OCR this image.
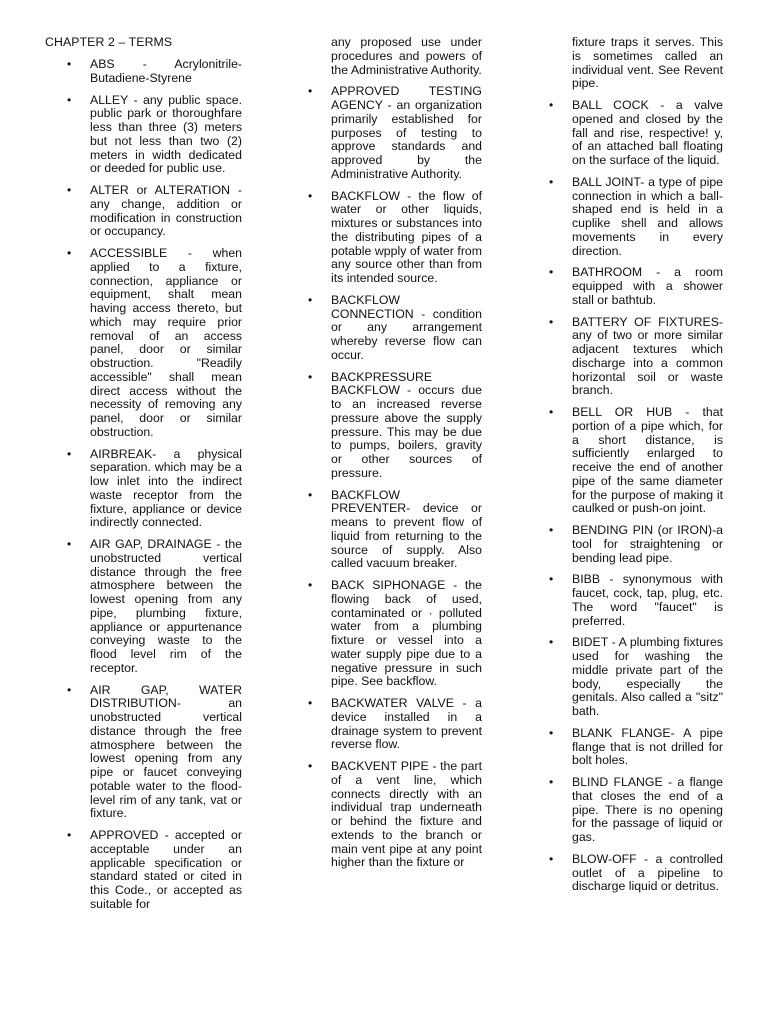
CHAPTER 2 – TERMS
• ABS - Acrylonitrile-Butadiene-Styrene
• ALLEY - any public space. public park or thoroughfare less than three (3) meters but not less than two (2) meters in width dedicated or deeded for public use.
• ALTER or ALTERATION - any change, addition or modification in construction or occupancy.
• ACCESSIBLE - when applied to a fixture, connection, appliance or equipment, shalt mean having access thereto, but which may require prior removal of an access panel, door or similar obstruction. "Readily accessible" shall mean direct access without the necessity of removing any panel, door or similar obstruction.
• AIRBREAK- a physical separation. which may be a low inlet into the indirect waste receptor from the fixture, appliance or device indirectly connected.
• AIR GAP, DRAINAGE - the unobstructed vertical distance through the free atmosphere between the lowest opening from any pipe, plumbing fixture, appliance or appurtenance conveying waste to the flood level rim of the receptor.
• AIR GAP, WATER DISTRIBUTION- an unobstructed vertical distance through the free atmosphere between the lowest opening from any pipe or faucet conveying potable water to the flood-level rim of any tank, vat or fixture.
• APPROVED - accepted or acceptable under an applicable specification or standard stated or cited in this Code., or accepted as suitable for
any proposed use under procedures and powers of the Administrative Authority.
• APPROVED TESTING AGENCY - an organization primarily established for purposes of testing to approve standards and approved by the Administrative Authority.
• BACKFLOW - the flow of water or other liquids, mixtures or substances into the distributing pipes of a potable wpply of water from any source other than from its intended source.
• BACKFLOW CONNECTION - condition or any arrangement whereby reverse flow can occur.
• BACKPRESSURE BACKFLOW - occurs due to an increased reverse pressure above the supply pressure. This may be due to pumps, boilers, gravity or other sources of pressure.
• BACKFLOW PREVENTER- device or means to prevent flow of liquid from returning to the source of supply. Also called vacuum breaker.
• BACK SIPHONAGE - the flowing back of used, contaminated or · polluted water from a plumbing fixture or vessel into a water supply pipe due to a negative pressure in such pipe. See backflow.
• BACKWATER VALVE - a device installed in a drainage system to prevent reverse flow.
• BACKVENT PIPE - the part of a vent line, which connects directly with an individual trap underneath or behind the fixture and extends to the branch or main vent pipe at any point higher than the fixture or
fixture traps it serves. This is sometimes called an individual vent. See Revent pipe.
• BALL COCK - a valve opened and closed by the fall and rise, respective! y, of an attached ball floating on the surface of the liquid.
• BALL JOINT- a type of pipe connection in which a ball-shaped end is held in a cuplike shell and allows movements in every direction.
• BATHROOM - a room equipped with a shower stall or bathtub.
• BATTERY OF FIXTURES- any of two or more similar adjacent textures which discharge into a common horizontal soil or waste branch.
• BELL OR HUB - that portion of a pipe which, for a short distance, is sufficiently enlarged to receive the end of another pipe of the same diameter for the purpose of making it caulked or push-on joint.
• BENDING PIN (or IRON)-a tool for straightening or bending lead pipe.
• BIBB - synonymous with faucet, cock, tap, plug, etc. The word "faucet" is preferred.
• BIDET - A plumbing fixtures used for washing the middle private part of the body, especially the genitals. Also called a "sitz" bath.
• BLANK FLANGE- A pipe flange that is not drilled for bolt holes.
• BLIND FLANGE - a flange that closes the end of a pipe. There is no opening for the passage of liquid or gas.
• BLOW-OFF - a controlled outlet of a pipeline to discharge liquid or detritus.
